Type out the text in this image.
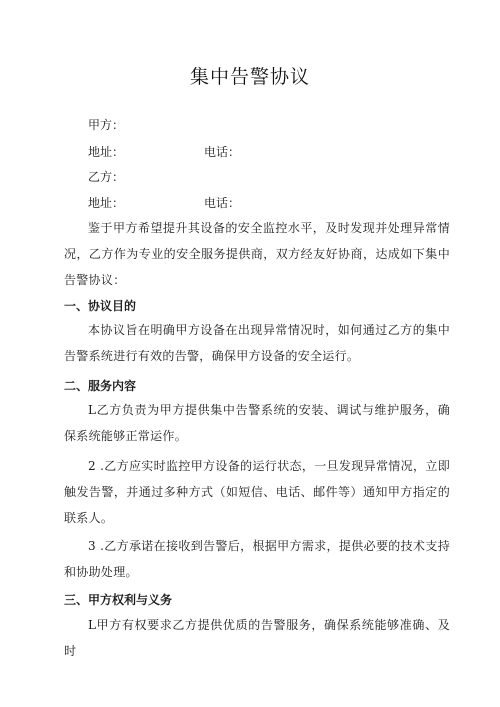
集中告警协议
甲方：
地址：	电话：
乙方：
地址：	电话：
鉴于甲方希望提升其设备的安全监控水平，及时发现并处理异常情况，乙方作为专业的安全服务提供商，双方经友好协商，达成如下集中告警协议：
一、协议目的
本协议旨在明确甲方设备在出现异常情况时，如何通过乙方的集中告警系统进行有效的告警，确保甲方设备的安全运行。
二、服务内容
L乙方负责为甲方提供集中告警系统的安装、调试与维护服务，确保系统能够正常运作。
2 .乙方应实时监控甲方设备的运行状态，一旦发现异常情况，立即触发告警，并通过多种方式（如短信、电话、邮件等）通知甲方指定的联系人。
3 .乙方承诺在接收到告警后，根据甲方需求，提供必要的技术支持和协助处理。
三、甲方权利与义务
L甲方有权要求乙方提供优质的告警服务，确保系统能够准确、及时
